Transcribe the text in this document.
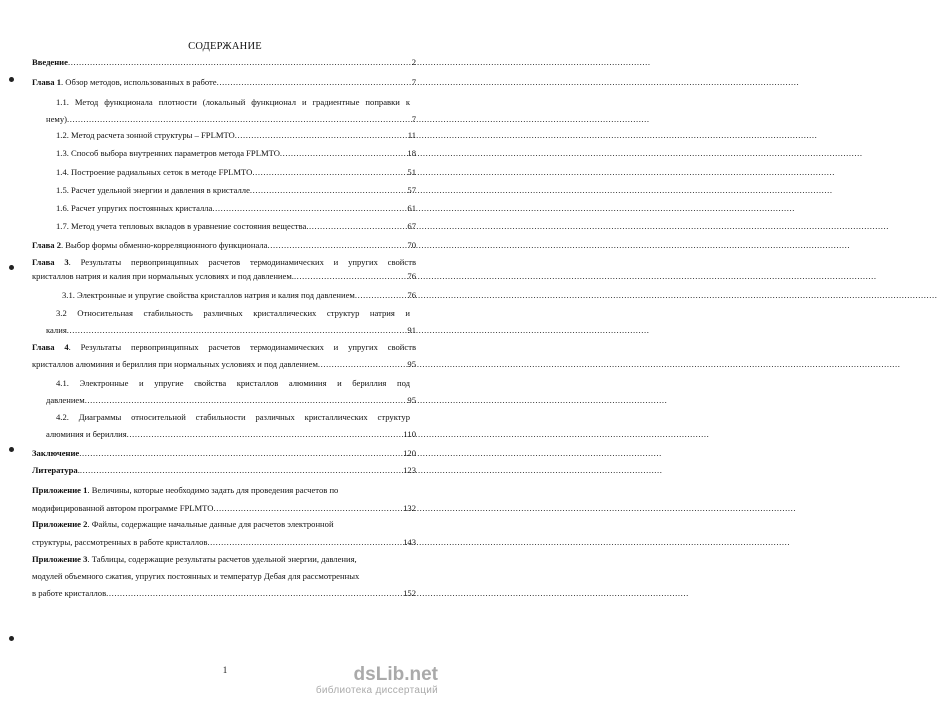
СОДЕРЖАНИЕ
Введение .....	2
Глава 1. Обзор методов, использованных в работе .....	7
1.1. Метод функционала плотности (локальный функционал и градиентные поправки к
нему) .....	7
1.2. Метод расчета зонной структуры – FPLMTO .....	11
1.3. Способ выбора внутренних параметров метода FPLMTO .....	18
1.4. Построение радиальных сеток в методе FPLMTO .....	51
1.5. Расчет удельной энергии и давления в кристалле .....	57
1.6. Расчет упругих постоянных кристалла .....	61
1.7. Метод учета тепловых вкладов в уравнение состояния вещества .....	67
Глава 2. Выбор формы обменно-корреляционного функционала .....	70
Глава 3. Результаты первопринципных расчетов термодинамических и упругих свойств
кристаллов натрия и калия при нормальных условиях и под давлением. .....	76
3.1. Электронные и упругие свойства кристаллов натрия и калия под давлением .....	76
3.2 Относительная стабильность различных кристаллических структур натрия и
калия .....	91
Глава 4. Результаты первопринципных расчетов термодинамических и упругих свойств
кристаллов алюминия и бериллия при нормальных условиях и под давлением .....	95
4.1. Электронные и упругие свойства кристаллов алюминия и бериллия под
давлением .....	95
4.2. Диаграммы относительной стабильности различных кристаллических структур
алюминия и бериллия .....	110
Заключение .....	120
Литература. .....	123
Приложение 1. Величины, которые необходимо задать для проведения расчетов по
модифицированной автором программе FPLMTO .....	132
Приложение 2. Файлы, содержащие начальные данные для расчетов электронной
структуры, рассмотренных в работе кристаллов .....	143
Приложение 3. Таблицы, содержащие результаты расчетов удельной энергии, давления,
модулей объемного сжатия, упругих постоянных и температур Дебая для рассмотренных
в работе кристаллов .....	152
1	dsLib.net
библиотека диссертаций
